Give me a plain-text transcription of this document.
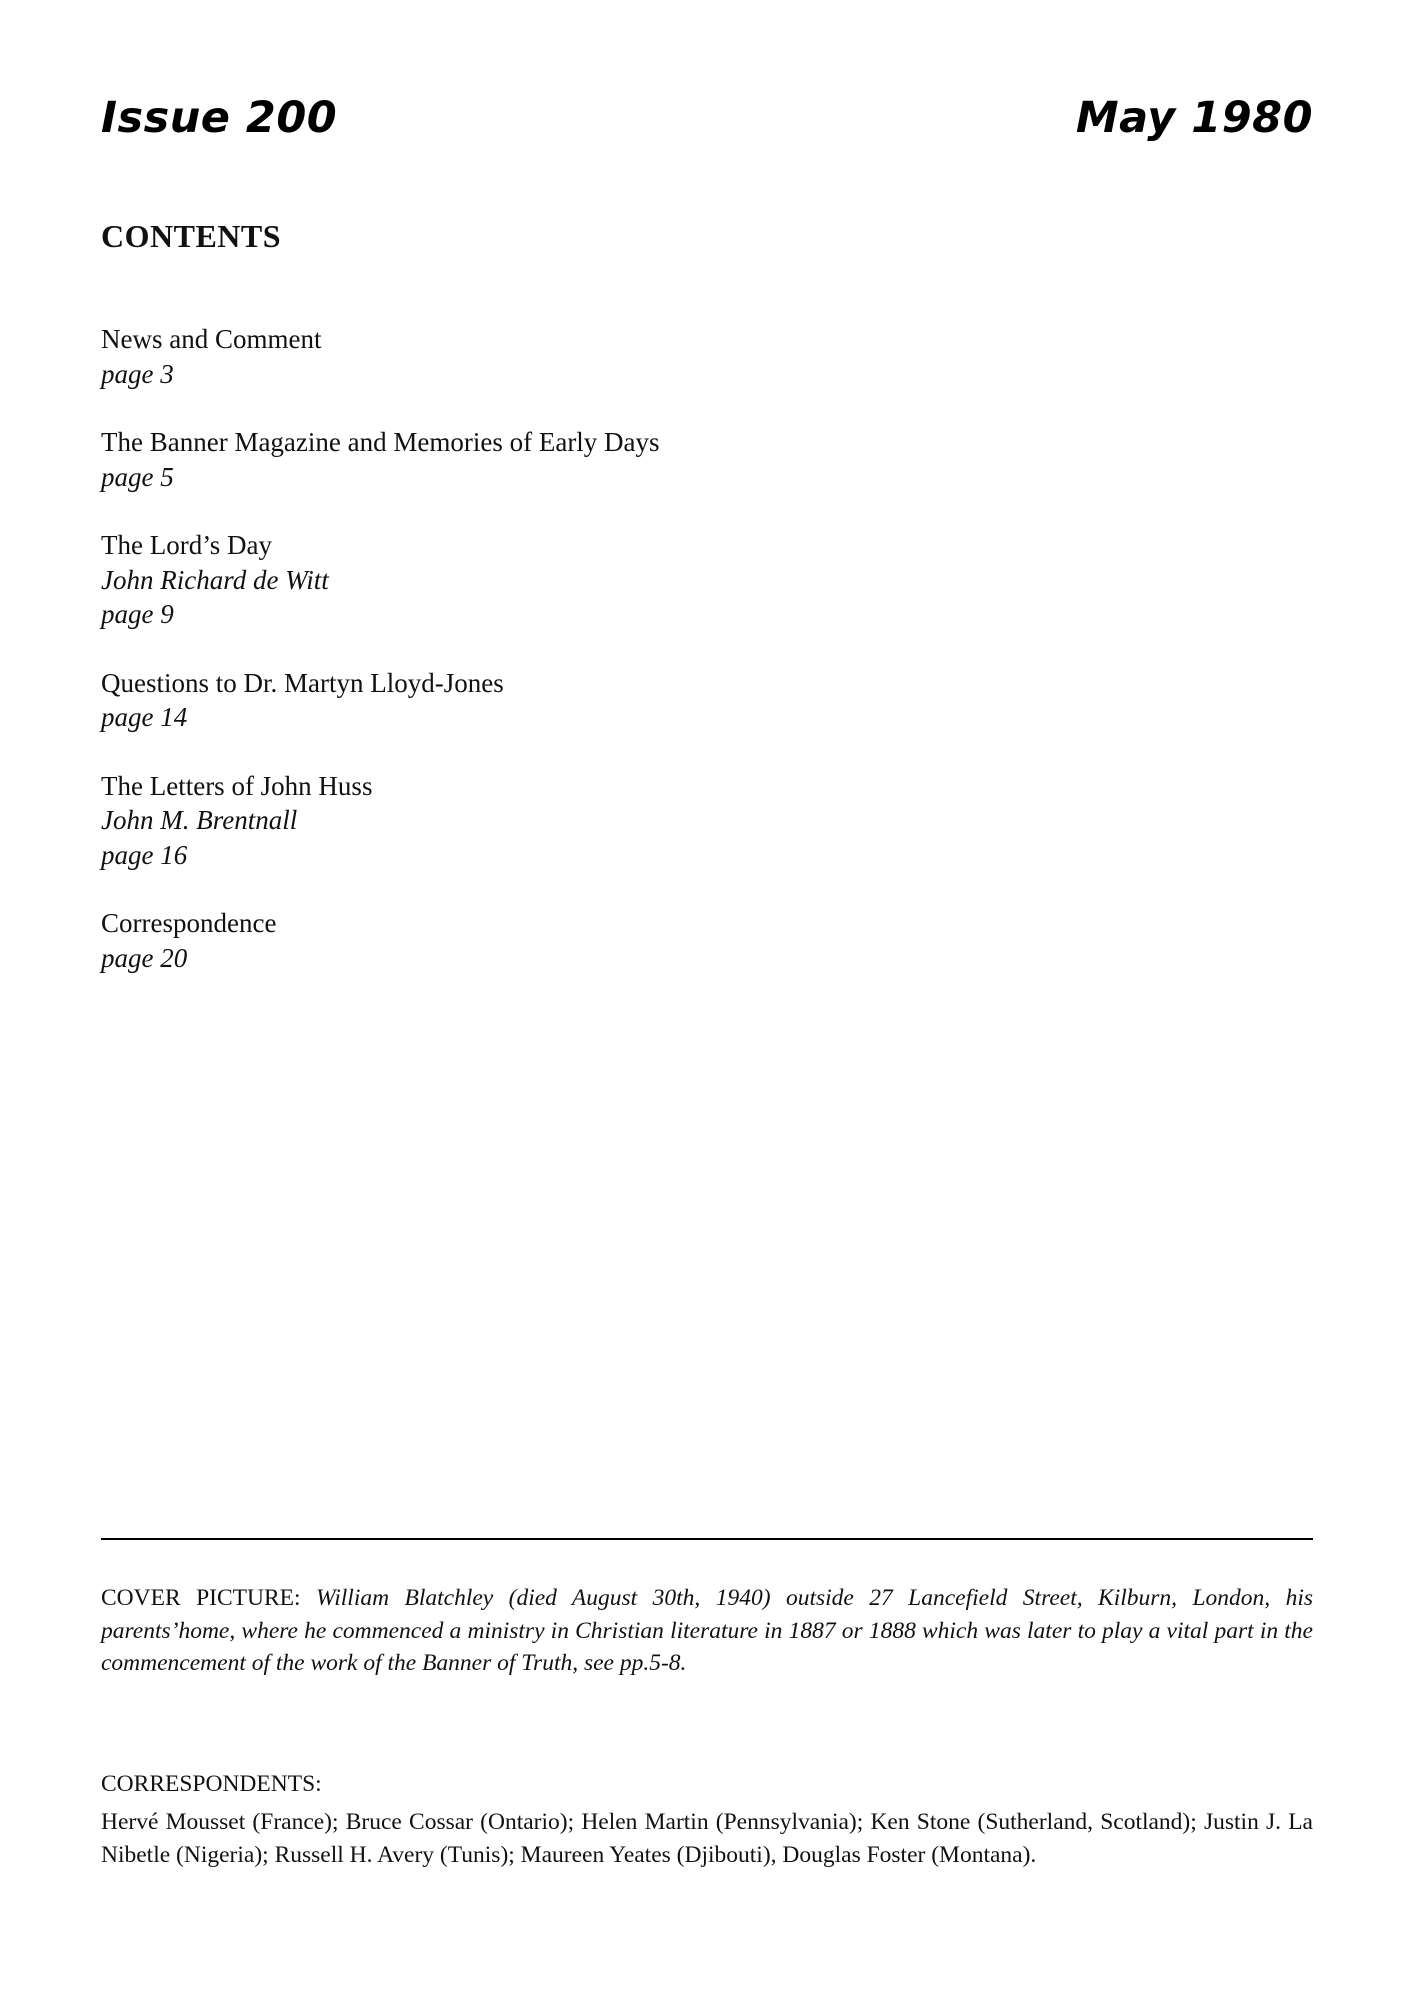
Issue 200	May 1980
CONTENTS
News and Comment
page 3
The Banner Magazine and Memories of Early Days
page 5
The Lord’s Day
John Richard de Witt
page 9
Questions to Dr. Martyn Lloyd-Jones
page 14
The Letters of John Huss
John M. Brentnall
page 16
Correspondence
page 20

COVER PICTURE: William Blatchley (died August 30th, 1940) outside 27 Lancefield Street, Kilburn, London, his parents’home, where he commenced a ministry in Christian literature in 1887 or 1888 which was later to play a vital part in the commencement of the work of the Banner of Truth, see pp.5-8.

CORRESPONDENTS:

Hervé Mousset (France); Bruce Cossar (Ontario); Helen Martin (Pennsylvania); Ken Stone (Sutherland, Scotland); Justin J. La Nibetle (Nigeria); Russell H. Avery (Tunis); Maureen Yeates (Djibouti), Douglas Foster (Montana).
